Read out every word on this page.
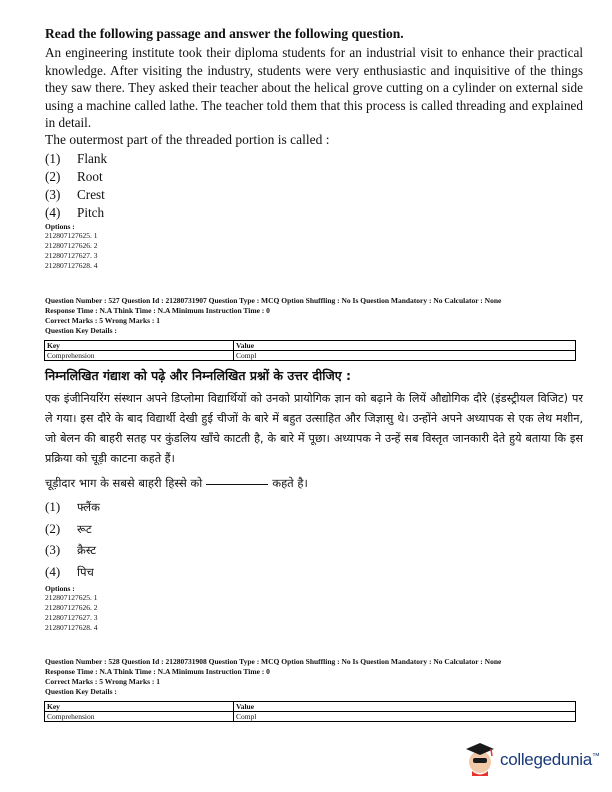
Read the following passage and answer the following question.

An engineering institute took their diploma students for an industrial visit to enhance their practical knowledge. After visiting the industry, students were very enthusiastic and inquisitive of the things they saw there. They asked their teacher about the helical grove cutting on a cylinder on external side using a machine called lathe. The teacher told them that this process is called threading and explained in detail.

The outermost part of the threaded portion is called :

(1) Flank
(2) Root
(3) Crest
(4) Pitch

Options :

212807127625. 1

212807127626. 2

212807127627. 3

212807127628. 4

Question Number : 527 Question Id : 21280731907 Question Type : MCQ Option Shuffling : No Is Question Mandatory : No Calculator : None

Response Time : N.A Think Time : N.A Minimum Instruction Time : 0

Correct Marks : 5 Wrong Marks : 1

Question Key Details :

Key	Value
Comprehension	Compl

निम्नलिखित गंद्याश को पढ़े और निम्नलिखित प्रश्नों के उत्तर दीजिए :

एक इंजीनियरिंग संस्थान अपने डिप्लोमा विद्यार्थियों को उनको प्रायोगिक ज्ञान को बढ़ाने के लियें औद्योगिक दौरे (इंडस्ट्रीयल विजिट) पर ले गया। इस दौरे के बाद विद्यार्थी देखी हुई चीजों के बारे में बहुत उत्साहित और जिज्ञासु थे। उन्होंने अपने अध्यापक से एक लेथ मशीन, जो बेलन की बाहरी सतह पर कुंडलिय खाँचे काटती है, के बारे में पूछा। अध्यापक ने उन्हें सब विस्तृत जानकारी देते हुये बताया कि इस प्रक्रिया को चूड़ी काटना कहते हैं।

चूड़ीदार भाग के सबसे बाहरी हिस्से को	कहते है।

(1) फ्लैंक
(2) रूट
(3) क्रैस्ट
(4) पिच

Options :

212807127625. 1

212807127626. 2

212807127627. 3

212807127628. 4

Question Number : 528 Question Id : 21280731908 Question Type : MCQ Option Shuffling : No Is Question Mandatory : No Calculator : None

Response Time : N.A Think Time : N.A Minimum Instruction Time : 0

Correct Marks : 5 Wrong Marks : 1

Question Key Details :

Key	Value
Comprehension	Compl
collegedunia™
